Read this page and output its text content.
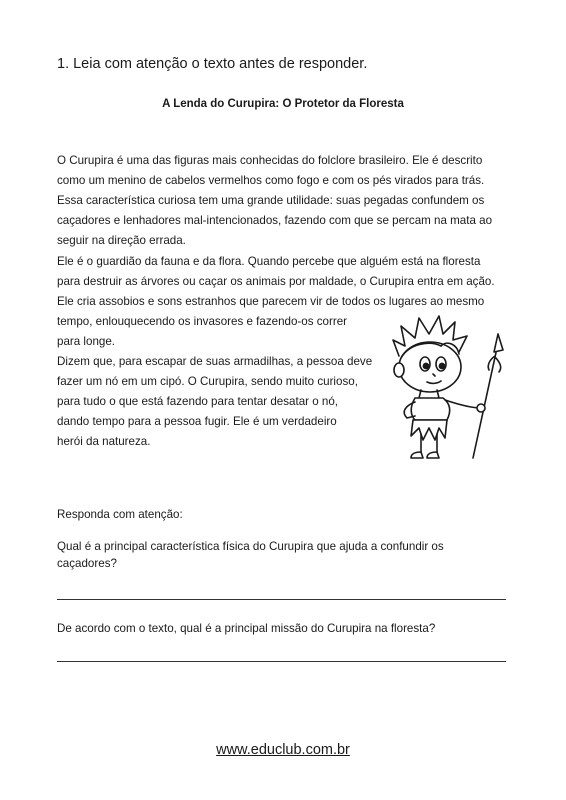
1. Leia com atenção o texto antes de responder.
A Lenda do Curupira: O Protetor da Floresta

O Curupira é uma das figuras mais conhecidas do folclore brasileiro. Ele é descrito
como um menino de cabelos vermelhos como fogo e com os pés virados para trás.
Essa característica curiosa tem uma grande utilidade: suas pegadas confundem os
caçadores e lenhadores mal-intencionados, fazendo com que se percam na mata ao
seguir na direção errada.

Ele é o guardião da fauna e da flora. Quando percebe que alguém está na floresta
para destruir as árvores ou caçar os animais por maldade, o Curupira entra em ação.
Ele cria assobios e sons estranhos que parecem vir de todos os lugares ao mesmo
tempo, enlouquecendo os invasores e fazendo-os correr
para longe.

Dizem que, para escapar de suas armadilhas, a pessoa deve
fazer um nó em um cipó. O Curupira, sendo muito curioso,
para tudo o que está fazendo para tentar desatar o nó,
dando tempo para a pessoa fugir. Ele é um verdadeiro
herói da natureza.

Responda com atenção:
Qual é a principal característica física do Curupira que ajuda a confundir os caçadores?
De acordo com o texto, qual é a principal missão do Curupira na floresta?
www.educlub.com.br
